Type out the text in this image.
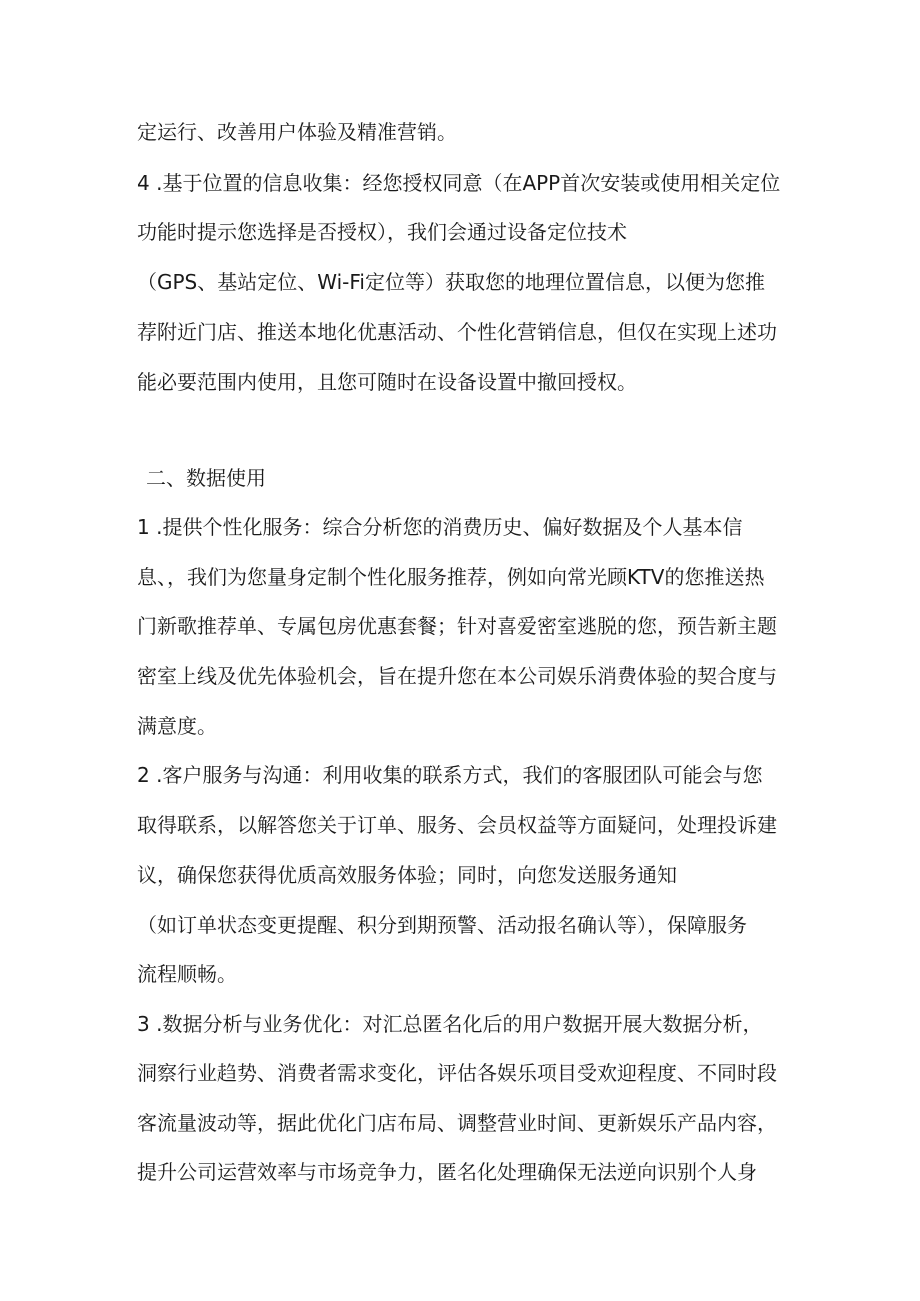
定运行、改善用户体验及精准营销。
4 .基于位置的信息收集：经您授权同意（在APP首次安装或使用相关定位
功能时提示您选择是否授权），我们会通过设备定位技术
（GPS、基站定位、Wi-Fi定位等）获取您的地理位置信息，以便为您推
荐附近门店、推送本地化优惠活动、个性化营销信息，但仅在实现上述功
能必要范围内使用，且您可随时在设备设置中撤回授权。
二、数据使用
1 .提供个性化服务：综合分析您的消费历史、偏好数据及个人基本信
息、，我们为您量身定制个性化服务推荐，例如向常光顾KTV的您推送热
门新歌推荐单、专属包房优惠套餐；针对喜爱密室逃脱的您，预告新主题
密室上线及优先体验机会，旨在提升您在本公司娱乐消费体验的契合度与
满意度。
2 .客户服务与沟通：利用收集的联系方式，我们的客服团队可能会与您
取得联系，以解答您关于订单、服务、会员权益等方面疑问，处理投诉建
议，确保您获得优质高效服务体验；同时，向您发送服务通知
（如订单状态变更提醒、积分到期预警、活动报名确认等），保障服务
流程顺畅。
3 .数据分析与业务优化：对汇总匿名化后的用户数据开展大数据分析，
洞察行业趋势、消费者需求变化，评估各娱乐项目受欢迎程度、不同时段
客流量波动等，据此优化门店布局、调整营业时间、更新娱乐产品内容，
提升公司运营效率与市场竞争力，匿名化处理确保无法逆向识别个人身
